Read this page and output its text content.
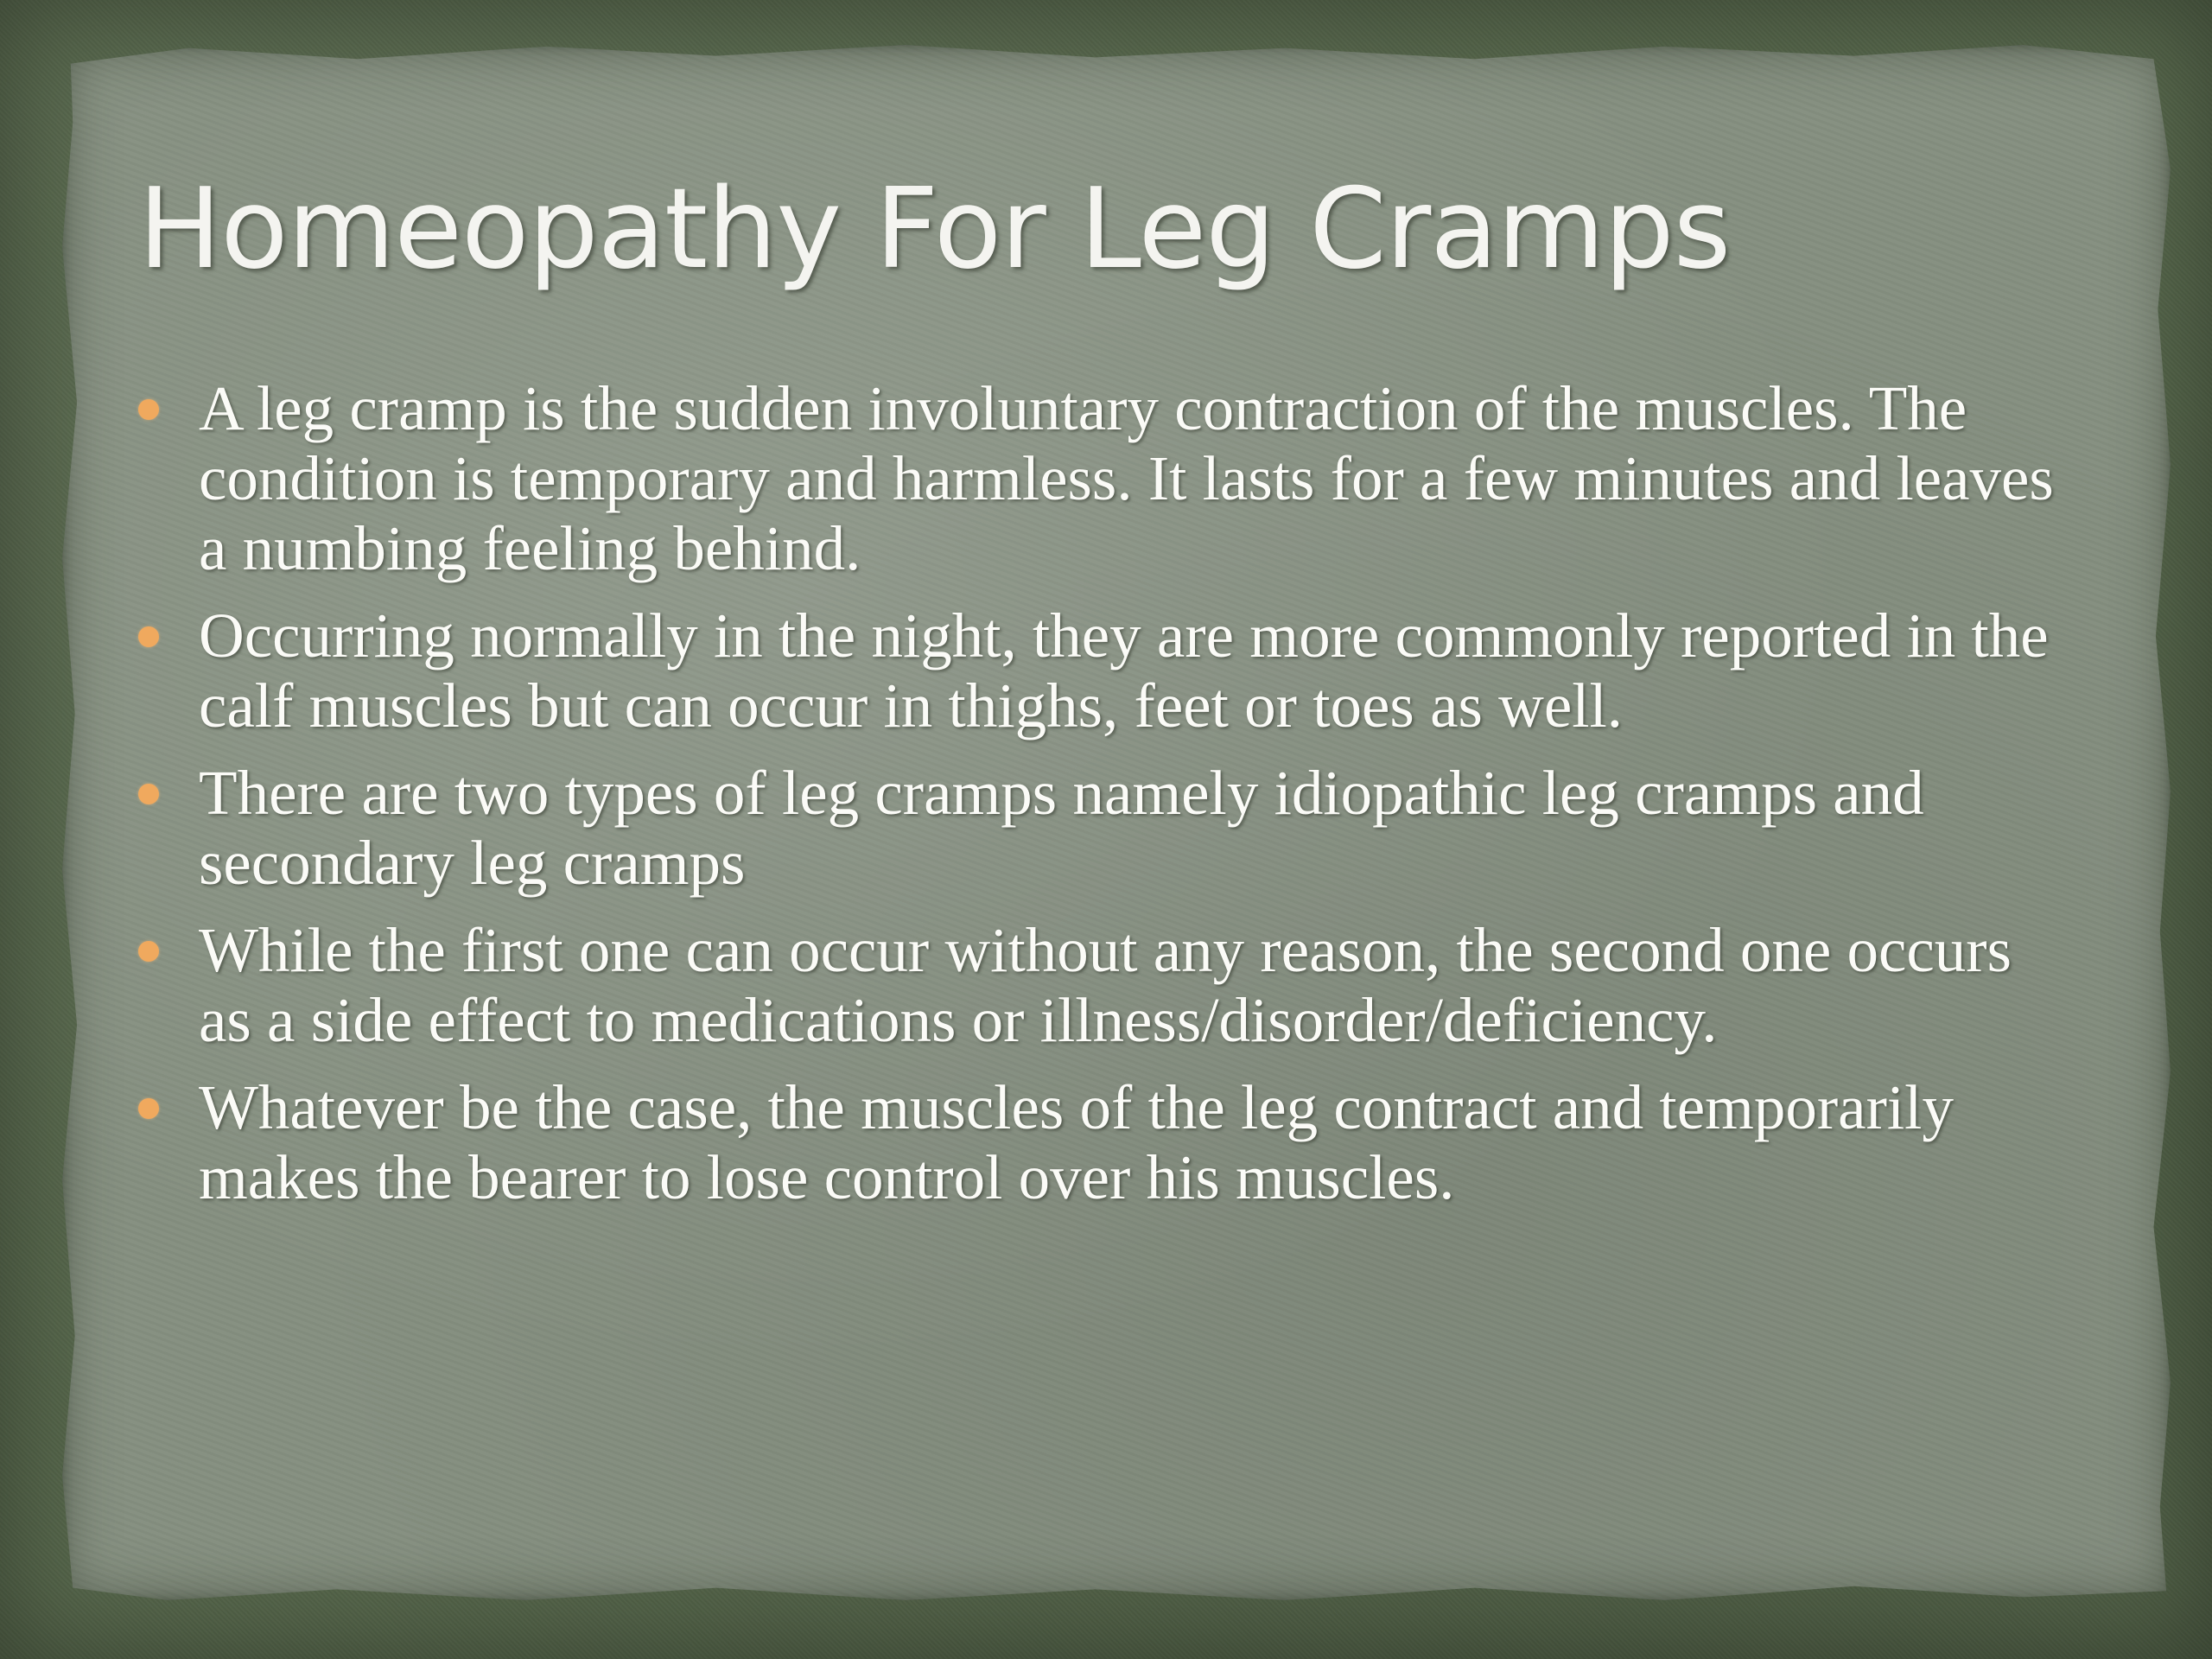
Homeopathy For Leg Cramps
A leg cramp is the sudden involuntary contraction of the muscles. The condition is temporary and harmless. It lasts for a few minutes and leaves a numbing feeling behind.
Occurring normally in the night, they are more commonly reported in the calf muscles but can occur in thighs, feet or toes as well.
There are two types of leg cramps namely idiopathic leg cramps and secondary leg cramps
While the first one can occur without any reason, the second one occurs as a side effect to medications or illness/disorder/deficiency.
Whatever be the case, the muscles of the leg contract and temporarily makes the bearer to lose control over his muscles.
